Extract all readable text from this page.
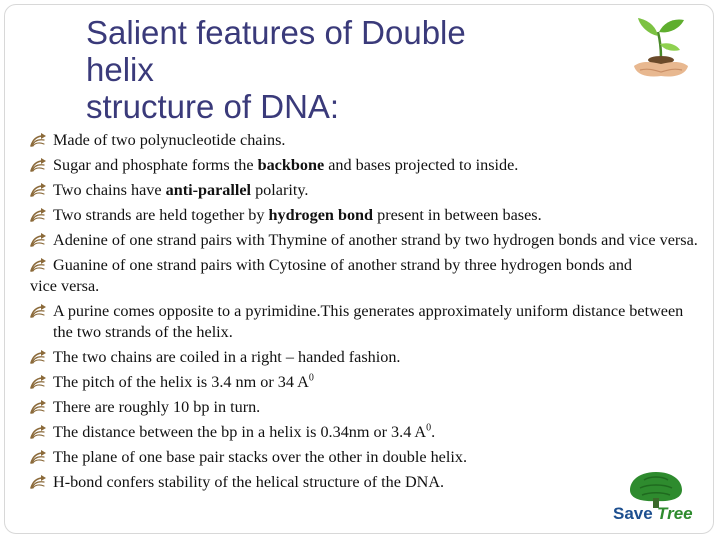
Salient features of Double
helix
structure of DNA:
Made of two polynucleotide chains.
Sugar and phosphate forms the backbone and bases projected to inside.
Two chains have anti-parallel polarity.
Two strands are held together by hydrogen bond present in between bases.
Adenine of one strand pairs with Thymine of another strand by two hydrogen bonds and vice versa.
Guanine of one strand pairs with Cytosine of another strand by three hydrogen bonds and
vice versa.
A purine comes opposite to a pyrimidine.This generates approximately uniform distance between the two strands of the helix.
The two chains are coiled in a right – handed fashion.
The pitch of the helix is 3.4 nm or 34 $A^0$
There are roughly 10 bp in turn.
The distance between the bp in a helix is 0.34nm or 3.4 $A^0$.
The plane of one base pair stacks over the other in double helix.
H-bond confers stability of the helical structure of the DNA.
Save Tree
